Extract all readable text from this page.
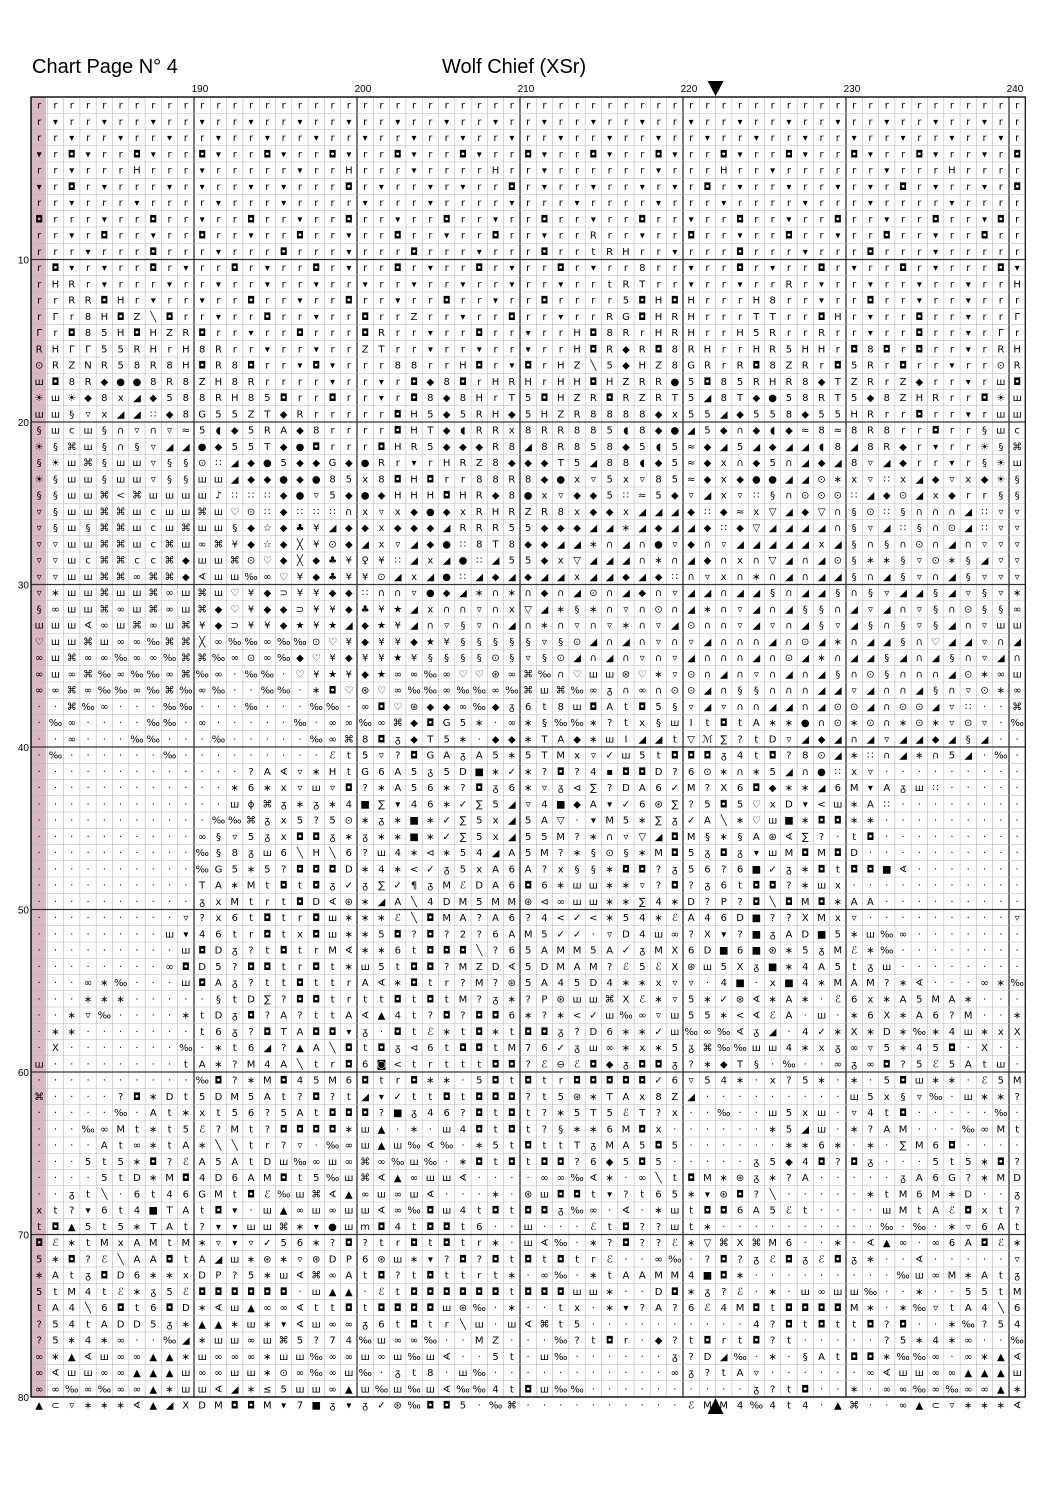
Chart Page N° 4	Wolf Chief (XSr)
r r r r r r r r r r r r r r r r r r r r r r r r r r r r r r r r r r r r r r r r r r r r r r r r r r r r r r r r r r r r r
r ▾ r r ▾ r r ▾ r r ▾ r r ▾ r r ▾ r r ▾ r r ▾ r r ▾ r r ▾ r r ▾ r r ▾ r r ▾ r r ▾ r r ▾ r r ▾ r r ▾ r r ▾ r r ▾ r r ▾ r r
r r ▾ r r ▾ r r ▾ r r ▾ r r ▾ r r ▾ r r ▾ r r ▾ r r ▾ r r ▾ r r ▾ r r ▾ r r ▾ r r ▾ r r ▾ r r ▾ r r ▾ r r ▾ r r ▾ r r ▾ r
▾ r ◘ ▾ r r ◘ ▾ r r ◘ ▾ r r ◘ ▾ r r ◘ ▾ r r ◘ ▾ r r ◘ ▾ r r ◘ ▾ r r ◘ ▾ r r ◘ ▾ r r ◘ ▾ r r ◘ ▾ r r ◘ ▾ r r ◘ ▾ r r ▾ r ◘
r r ▾ r r r H r r r ▾ r r r r r ▾ r r H r r r ▾ r r r r H r r ▾ r r r r r r ▾ r r r H r r ▾ r r r r r r ▾ r r r H r r r r
▾ r ◘ r ▾ r r r ▾ r ▾ r r ▾ r ▾ r r r ◘ r ▾ r r ▾ r ▾ r r ◘ r ▾ r r ▾ r r ▾ r ▾ r ◘ r ▾ r r ▾ r r ▾ r ▾ r ◘ r ▾ r r ▾ r ◘
r r ▾ r r r ▾ r r r r ▾ r r r ▾ r r r r ▾ r r r ▾ r r r r ▾ r r r ▾ r r r r ▾ r r r ▾ r r r r ▾ r r r ▾ r r r r ▾ r r r r
◘ r r r ▾ r r ◘ r r ▾ r r ◘ r r ▾ r r ◘ r r ▾ r r ◘ r r ▾ r r ◘ r r ▾ r r ◘ r r ▾ r r ◘ r r ▾ r r ◘ r r ▾ r r ◘ r r ▾ ◘ r
r r ▾ r ◘ r r ▾ r r ◘ r r ▾ r r ◘ r r ▾ r r ◘ r r ▾ r r ◘ r r ▾ r r R r r ▾ r r ◘ r r ▾ r r ◘ r r ▾ r r ◘ r r ▾ r r ◘ r r
r r r ▾ r r r ◘ r r r ▾ r r r ◘ r r r ▾ r r r ◘ r r r ▾ r r r ◘ r r t R H r r ▾ r r r ◘ r r r ▾ r r r ◘ r r r ▾ r r r r r
r ◘ ▾ r ▾ r r ◘ r ▾ r r ◘ r ▾ r r ◘ r ▾ r r ◘ r ▾ r r ◘ r ▾ r r ◘ r ▾ r r 8 r r ▾ r r ◘ r ▾ r r ◘ r ▾ r r ◘ r ▾ r r r ◘ ▾
r H R r ▾ r r r ▾ r r ▾ r r ▾ r r ▾ r r ▾ r r ▾ r r ▾ r r ▾ r r ▾ r r t R T r r ▾ r r ▾ r r R r ▾ r r ▾ r r ▾ r r ▾ r r H
r r R R ◘ H r ▾ r r ▾ r r ◘ r r ▾ r r ◘ r r ▾ r r ◘ r r ▾ r r ◘ r r r r 5 ◘ H ◘ H r r r H 8 r r ▾ r r ◘ r r ▾ r r ▾ r r r
r Γ r 8 H ◘ Z ╲ ◘ r r ▾ r r ◘ r r ▾ r r ◘ r r Z r r ▾ r r ◘ r r ▾ r r R G ◘ H R H r r r T T r r ◘ H r ▾ r r ◘ r r ▾ r r Γ
Γ r ◘ 8 5 H ◘ H Z R ◘ r r ▾ r r ◘ r r r ◘ R r r ▾ r r ◘ r r ▾ r r H ◘ 8 R r H R H r r H 5 R r r R r r ▾ r r ◘ r r ▾ r Γ r
R H Γ Γ 5 5 R H r H 8 R r r ▾ r r ▾ r r Z T r r ▾ r r ▾ r r ▾ r r H ◘ R ◆ R ◘ 8 R H r r H R 5 H H r ◘ 8 ◘ r ◘ r r ▾ r R H
⊙ R Z N R 5 8 R 8 H ◘ R 8 ◘ r r ▾ ◘ ▾ r r r 8 8 r r H ◘ r ▾ ◘ r H Z ╲ 5 ◆ H Z 8 G R r R ◘ 8 Z R r ◘ 5 R r ◘ r r ▾ r r ⊙ R
ш ◘ 8 R ◆ ● ● 8 R 8 Z H 8 R r r r r ▾ r r ▾ r ◘ ◆ 8 ◘ r H R H r H H ◘ H Z R R ● 5 ◘ 8 5 R H R 8 ◆ T Z R r Z ◆ r r ▾ r ш ◘
☀ ш ☀ ◆ 8 x ◢ ◆ 5 8 8 R H 8 5 ◘ r r ◘ r r ▾ r ◘ 8 ◆ 8 H r T 5 ◘ H Z R ◘ R Z R T 5 ◢ 8 T ◆ ● 5 8 R T 5 ◆ 8 Z H R r r ◘ ☀ ш
ш ш § ▿ x ◢ ◢ ∷ ◆ 8 G 5 5 Z T ◆ R r r r r r ◘ H 5 ◆ 5 R H ◆ 5 H Z R 8 8 8 8 ◆ x 5 5 ◢ ◆ 5 5 8 ◆ 5 5 H R r r ◘ r r ▾ r ш ш
§ ш с ш § ∩ ▿ ∩ ▿ ≈ 5 ◖ ◆ 5 R A ◆ 8 r r r r ◘ H T ◆ ◖ R R x 8 R R 8 8 5 ◖ 8 ◆ ● ◢ 5 ◆ ∩ ◆ ◖ ◆ ≈ 8 ≈ 8 R 8 r r ◘ r r § ш с
☀ § ⌘ ш § ∩ § ▿ ◢ ◢ ● ◆ 5 5 T ◆ ● ◘ r r r ◘ H R 5 ◆ ◆ ◆ R 8 ◢ 8 R 8 5 8 ◆ 5 ◖ 5 ≈ ◆ ◢ 5 ◢ ◆ ◢ ◢ ◖ 8 ◢ 8 R ◆ r ▾ r r ☀ § ⌘
§ ☀ ш ⌘ § ш ш ▿ § § ⊙ ∷ ◢ ◆ ● 5 ◆ ◆ G ◆ ● R r ▾ r H R Z 8 ◆ ◆ ◆ T 5 ◢ 8 8 ◖ ◆ 5 ≈ ◆ x ∩ ◆ 5 ∩ ◢ ◆ ◢ 8 ▿ ◢ ◆ r r ▾ r § ☀ ш
☀ § ш ш § ш ш ▿ § § ш ш ◢ ◆ ◆ ● ◆ ● 8 5 x 8 ◘ H ◘ r r 8 8 R 8 ◆ ● x ▿ 5 x ▿ 8 5 ≈ ◆ x ◆ ● ● ◢ ◢ ⊙ ∗ x ▿ ∷ x ◢ ◆ ▿ x ◆ ☀ §
§ § ш ш ⌘ < ⌘ ш ш ш ш ♪ ∷ ∷ ∷ ◆ ● ▿ 5 ◆ ● ◆ H H H ◘ H R ◆ 8 ● x ▿ ◆ ◆ 5 ∷ ≈ 5 ◆ ▿ ◢ x ▿ ∷ § ∩ ⊙ ⊙ ⊙ ∷ ◢ ◆ ⊙ ◢ x ◆ r r § §
▿ § ш ш ⌘ ⌘ ш с ш ш ⌘ ш ♡ ⊙ ∷ ◆ ∷ ∷ ∷ ∩ x ▿ x ◆ ● ◆ x R H R Z R 8 x ◆ ◆ x ◢ ◢ ◢ ◆ ∷ ◆ ≈ x ▽ ◢ ◆ ▽ ∩ § ⊙ ∷ § ∩ ∩ ∩ ◢ ∷ ▿ ▿
▿ § ш § ⌘ ⌘ ш с ш ⌘ ш ш § ◆ ☆ ◆ ♣ ¥ ◢ ◆ ◆ x ◆ ◆ ◆ ◢ R R R 5 5 ◆ ◆ ◆ ◢ ◢ ∗ ◢ ◆ ◢ ◢ ◆ ∷ ◆ ▽ ◢ ◢ ◢ ◢ ∩ § ▿ ◢ ∷ § ∩ ⊙ ◢ ∷ ▿ ▿
▿ ▿ ш ш ⌘ ⌘ ш с ⌘ ш ∞ ⌘ ¥ ◆ ☆ ◆ ╳ ¥ ⊙ ◆ ◢ x ▿ ◢ ◆ ● ∷ 8 T 8 ◆ ◆ ◢ ◢ ∗ ∩ ◢ ∩ ● ▿ ◆ ∩ ▿ ◢ ◢ ◢ ◢ ◢ x ◢ § ∩ § ∩ ⊙ ∩ ◢ ∩ ▿ ▿ ▿
▿ ▿ ш с ⌘ ⌘ с с ⌘ ◆ ш ш ⌘ ⊙ ♡ ◆ ╳ ◆ ♣ ¥ ♀ ¥ ∷ ◢ x ◢ ● ∷ ◢ 5 5 ◆ x ▽ ◢ ◢ ◢ ∩ ∗ ∩ ◢ ◆ ∩ x ∩ ▽ ◢ ∩ ◢ ⊙ § ∗ ∗ § ▿ ⊙ ∗ § ◢ ▿ ▿
▿ ▿ ш ш ⌘ ⌘ ∞ ⌘ ⌘ ◆ ∢ ш ш ‰ ∞ ♡ ¥ ◆ ♣ ¥ ¥ ⊙ ◢ x ◢ ● ∷ ◢ ◆ ◢ ◆ ◢ ◢ x ◢ ◢ ◆ ◢ ◆ ∷ ∩ ▿ x ∩ ∗ ∩ ◢ ∩ ◢ ◢ § ∩ ◢ § ▿ ∩ ◢ § ▿ ▿ ▿
▿ ∗ ш ш ⌘ ш ш ⌘ ∞ ш ⌘ ш ♡ ¥ ◆ ⊃ ¥ ¥ ◆ ◆ ∷ ∩ ∩ ▿ ● ◆ ◢ ∗ ∩ ∗ ∩ ◆ ∩ ◢ ⊙ ∩ ◢ ◆ ∩ ▿ ◢ ◢ ∩ ◢ ◢ § ∩ ◢ ◢ § ∩ § ▿ ◢ ◢ § ◢ ▿ § ▿ ∗
§ ∞ ш ш ⌘ ∞ ш ⌘ ∞ ш ⌘ ◆ ♡ ¥ ◆ ◆ ⊃ ¥ ¥ ◆ ♣ ¥ ★ ◢ x ∩ ∩ ▿ ∩ x ▽ ◢ ∗ § ∗ ∩ ▿ ∩ ⊙ ∩ ◢ ∗ ∩ ▿ ◢ ∩ ◢ § § ∩ ◢ ▿ ◢ ∩ ▿ § ∩ ⊙ § § ∞
ш ш ш ∢ ∞ ш ⌘ ∞ ш ⌘ ¥ ◆ ⊃ ¥ ¥ ◆ ★ ¥ ★ ◢ ◆ ★ ¥ ◢ ∩ ▿ § ▿ ∩ ◢ ∩ ∗ ∩ ▿ ∩ ▿ ∗ ∩ ▿ ◢ ⊙ ∩ ∩ ▿ ◢ ▿ ∩ ◢ § ▿ ◢ § ∩ § ▿ § ◢ ∩ ▿ ш ш
♡ ш ш ⌘ ш ∞ ∞ ‰ ⌘ ⌘ ╳ ∞ ‰ ‰ ∞ ‰ ‰ ⊙ ♡ ¥ ◆ ¥ ¥ ◆ ★ ¥ § § § § § ▿ § ⊙ ◢ ∩ ◢ ∩ ▿ ∩ ▿ ◢ ∩ ∩ ∩ ◢ ∩ ⊙ ◢ ∗ ∩ ◢ ◢ § ∩ ♡ ◢ ◢ ▿ ∩ ◢
∞ ш ⌘ ∞ ∞ ‰ ∞ ∞ ‰ ⌘ ⌘ ‰ ∞ ⊙ ∞ ‰ ◆ ♡ ¥ ◆ ¥ ¥ ★ ¥ § § § § ⊙ § ▿ § ⊙ ◢ ∩ ◢ ∩ ▿ ∩ ▿ ◢ ∩ ∩ ∩ ◢ ∩ ⊙ ◢ ∗ ∩ ◢ ◢ § ◢ ∩ ◢ § ∩ ▿ ◢ ∩
∞ ш ∞ ⌘ ‰ ∞ ‰ ‰ ∞ ⌘ ‰ ∞ · ‰ ‰ · ♡ ¥ ★ ¥ ◆ ★ ∞ ∞ ‰ ∞ ♡ ♡ ⊛ ∞ ⌘ ‰ ∩ ♡ ш ш ⊛ ♡ ∗ ▿ ⊙ ∩ ◢ ∩ ▿ ∩ ◢ ∩ ◢ § ∩ ⊙ § ∩ ∩ ∩ ◢ ⊙ ∗ ∞ ш
∞ ∞ ⌘ ∞ ‰ ‰ ∞ ‰ ⌘ ‰ ∞ ‰ · · ‰ ‰ · ∗ ◘ ♡ ⊛ ♡ ∞ ‰ ‰ ∞ ‰ ‰ ∞ ‰ ⌘ ш ⌘ ‰ ∞ ᵹ ∩ ∞ ∩ ⊙ ⊙ ◢ ∩ § § ∩ ∩ ∩ ◢ ◢ ▿ ◢ ∩ ∩ ◢ § ∩ ▿ ⊙ ∗ ∞
· · ⌘ ‰ ∞ · · · ‰ ‰ · · · ‰ · · · ‰ ‰ · ∞ ◘ ♡ ⊛ ◆ ◆ ∞ ‰ ◆ ᵹ 6 t 8 ш ◘ A t ◘ 5 § ▿ ◢ ▿ ∩ ∩ ◢ ◢ ∩ ◢ ⊙ ⊙ ◢ ∩ ⊙ ⊙ ◢ ▿ ∷ · · ⌘
· ‰ ∞ · · · · ‰ ‰ · ∞ · · · · · ‰ · ∞ ∞ ‰ ∞ ⌘ ◆ ◘ G 5 ∗ · ∞ ∗ § ‰ ‰ ∗ ? t x § ш Ⅰ t ◘ t A ∗ ∗ ● ∩ ⊙ ∗ ⊙ ∩ ∗ ⊙ ∗ ▿ ⊙ ▿ · ‰
· · ∞ · · · ‰ ‰ · · · ‰ · · · · · ‰ ∞ ⌘ 8 ◘ ᵹ ◆ T 5 ∗ · ◆ ◆ ∗ T A ◆ ∗ ш Ⅰ ◢ ◢ t ▽ ℳ ∑ ? t D ▿ ◢ ◆ ◢ ∩ ◢ ▿ ◢ ◢ ◆ ◢ § ◢ · ·
· ‰ · · · · · · ‰ · · · · · · · · · ℰ t 5 ▿ ? ◘ G A ᵹ A 5 ∗ 5 T M x ▿ ✓ ш 5 t ◘ ◘ ◘ ᵹ 4 t ◘ ? 8 ⊙ ◢ ∗ ∷ ∩ ◢ ∗ ∩ 5 ◢ · ‰ ·
· · · · · · · · · · · · · ? A ∢ ▿ ∗ H t G 6 A 5 ᵹ 5 D ■ ∗ ✓ ∗ ? ◘ ? 4 ▪ ◘ ◘ D ? 6 ⊙ ∗ ∩ ∗ 5 ◢ ∩ ● ∷ x ▿ · · · · · · · · ·
· · · · · · · · · · · · ∗ 6 ∗ x ▿ ш ▿ ◘ ? ∗ A 5 6 ∗ ? ◘ ᵹ 6 ∗ ▿ ᵹ ⊲ ∑ ? D A 6 ✓ M ? X 6 ◘ ◆ ∗ ∗ ◢ 6 M ▾ A ᵹ ш ∷ · · · · ·
· · · · · · · · · · · · ш ϕ ⌘ ᵹ ∗ ᵹ ∗ 4 ■ ∑ ▾ 4 6 ∗ ✓ ∑ 5 ◢ ▿ 4 ■ ◆ A ▾ ✓ 6 ⊛ ∑ ? 5 ◘ 5 ♡ x D ▾ < ш ∗ A ∷ · · · · · · · ·
· · · · · · · · · · · ‰ ‰ ⌘ ᵹ x 5 ? 5 ⊙ ∗ ᵹ ∗ ■ ∗ ✓ ∑ 5 x ◢ 5 A ▽ · ▾ M 5 ∗ ∑ ᵹ ✓ A ╲ ∗ ♡ ш ■ ∗ ◘ ◘ ∗ ∗ · · · · · · · · ·
· · · · · · · · · · ∞ § ▿ 5 ᵹ x ◘ ◘ ᵹ ∗ ᵹ ∗ ∗ ■ ∗ ✓ ∑ 5 x ◢ 5 5 M ? ∗ ∩ ▿ ▽ ◢ ◘ M § ∗ § A ⊛ ∢ ∑ ? · t ◘ · · · · · · · · ·
· · · · · · · · · · ‰ § 8 ᵹ ш 6 ╲ H ╲ 6 ? ш 4 ∗ ⊲ ∗ 5 4 ◢ A 5 M ? ∗ § ⊙ § ∗ M ◘ 5 ᵹ ◘ ᵹ ▾ ш M ◘ M ◘ D · · · · · · · · · ·
· · · · · · · · · · ‰ G 5 ∗ 5 ? ◘ ◘ ◘ D ∗ 4 ∗ < ✓ ᵹ 5 x A 6 A ? x § § ∗ ◘ ◘ ? ᵹ 5 6 ? 6 ■ ✓ ᵹ ∗ ◘ t ◘ ◘ ■ ∢ · · · · · · ·
· · · · · · · · · · T A ∗ M t ◘ t ◘ ᵹ ✓ ᵹ ∑ ✓ ¶ ᵹ M ℰ D A 6 ◘ 6 ∗ ш ш ∗ ∗ ▿ ? ◘ ? ᵹ 6 t ◘ ◘ ? ∗ ш x · · · · · · · · · · ·
· · · · · · · · · · ᵹ x M t r t ◘ D ∢ ⊛ ∗ ◢ A ╲ 4 D M 5 M M ⊛ ⊲ ∞ ш ш ∗ ∗ ∑ 4 ∗ D ? P ? ◘ ╲ ◘ M ◘ ∗ A A · · · · · · · · ·
· · · · · · · · · ▿ ? x 6 t ◘ t r ◘ ш ∗ ∗ ∗ ℰ ╲ ◘ M A ? A 6 ? 4 < ✓ < ∗ 5 4 ∗ ℰ A 4 6 D ■ ? ? Ⅹ M x ▿ · · · · · · · · · ▿
· · · · · · · · ш ▾ 4 6 t r ◘ t x ◘ ш ∗ ∗ 5 ◘ ? ◘ ? 2 ? 6 A M 5 ✓ ✓ · ▿ D 4 ш ∞ ? X ▾ ? ■ ᵹ A D ■ 5 ∗ ш ‰ ∞ · · · · · · ·
· · · · · · · · · ш ◘ D ᵹ ? t ◘ t r M ∢ ∗ ∗ 6 t ◘ ◘ ◘ ╲ ? 6 5 A M M 5 A ✓ ᵹ M X 6 D ■ 6 ■ ⊛ ∗ 5 ᵹ M ℰ ∗ ‰ · · · · · · · ·
· · · · · · · · ∞ ◘ D 5 ? ◘ ◘ t r ◘ t ∗ ш 5 t ◘ ◘ ? M Z D ∢ 5 D M A M ? ℰ 5 ℰ Ⅹ ⊛ ш 5 X ᵹ ■ ∗ 4 A 5 t ᵹ ш · · · · · · · ·
· · · ∞ ∗ ‰ · · · ш ◘ A ᵹ ? t t ◘ t t r A ∢ ∗ ◘ t r ? M ? ⊛ 5 A 4 5 D 4 ∗ ∗ x ▿ ▿ · 4 ■ · x ■ 4 ∗ M A M ? ∗ ∢ · · · ∞ ∗ ‰
· · · ∗ ∗ ∗ · · · · · § t D ∑ ? ◘ ◘ t r t t ◘ t ◘ t M ? ᵹ ∗ ? P ⊛ ш ш ⌘ X ℰ ∗ ▿ 5 ∗ ✓ ⊛ ∢ ∗ A ∗ · ℰ 6 x ∗ A 5 M A ∗ · · ·
· · ∗ ▿ ‰ · · · · ∗ t D ᵹ ◘ ? A ? t t A ∢ ▲ 4 t ? ◘ ? ◘ ◘ 6 ∗ ? ∗ < ✓ ш ‰ ∞ ▿ ш 5 5 ∗ < ∢ ℰ A · ш · ∗ 6 Ⅹ ∗ A 6 ? M · · ∗
· ∗ ∗ · · · · · · · t 6 ᵹ ? ◘ T A ◘ ◘ ▾ ᵹ · ◘ t ℰ ∗ t ◘ ∗ t ◘ ◘ ᵹ ? D 6 ∗ ∗ ✓ ш ‰ ∞ ‰ ∢ ᵹ ◢ · 4 ✓ ∗ Ⅹ ∗ D ∗ ‰ ∗ 4 ш ∗ x Ⅹ
· Ⅹ · · · · · · · ‰ · ∗ t 6 ◢ ? ▲ A ╲ ◘ t ◘ ᵹ ⊲ 6 t ◘ ◘ t M 7 6 ✓ ᵹ ш ∞ ∗ x ∗ 5 ᵹ ⌘ ‰ ‰ ш ш 4 ∗ x ᵹ ∞ ▿ 5 ∗ 4 5 ◘ · Ⅹ · ·
ш · · · · · · · · t A ∗ ? M 4 A ╲ t r ◘ 6 ◙ < t r t t t ◘ ◘ ? ℰ ⊖ ℰ ◘ ◆ ᵹ ◘ ◘ ᵹ ? ∗ ◆ T § · ‰ · · ∞ ᵹ ∞ ◘ ? 5 ℰ 5 A t ш ·
· · · · · · · · · · ‰ ◘ ? ∗ M ◘ 4 5 M 6 ◘ t r ◘ ∗ ∗ · 5 ◘ t ◘ t r ◘ ◘ ◘ ◘ ◘ ✓ 6 ▿ 5 4 ∗ · x ? 5 ∗ · ∗ · 5 ◘ ш ∗ ∗ · ℰ 5 M
⌘ · · · · ? ◘ ∗ D t 5 D M 5 A t ? ◘ ? t ◢ ▾ ✓ t t ◘ t ◘ ◘ ◘ ? t 5 ⊛ ∗ T A x 8 Z ◢ · · · · · · · · · ш 5 x § ▿ ‰ · ш ∗ ∗ ?
· · · · · ‰ · A t ∗ x t 5 6 ? 5 A t ◘ ◘ ◘ ? ■ ᵹ 4 6 ? ◘ t ◘ t ? ∗ 5 T 5 ℰ T ? x · · ‰ · · ш 5 x ш · ▿ 4 t ◘ · · · · · ‰ ·
· · · ‰ ∞ M t ∗ t 5 ℰ ? M t ? ◘ ◘ ◘ ◘ ∗ ш ▲ · ∗ · ш 4 ◘ t ◘ t ? § ∗ ∗ 6 M ◘ x · · · · · · ∗ 5 ◢ ш · ∗ ? A M · · · ‰ ∞ M t
· · · · A t ∞ ∗ t A ∗ ╲ ╲ t r ? ▿ · ‰ ∞ ш ▲ ш ‰ ∢ ‰ · ∗ 5 t ◘ t t T ᵹ M A 5 ◘ 5 · · · · · · ∗ ∗ 6 ∗ · ∗ · ∑ M 6 ◘ · · · ·
· · · 5 t 5 ∗ ◘ ? ℰ A 5 A t D ш ‰ ∞ ш ∞ ⌘ ∞ ‰ ш ‰ · ∗ ◘ t ◘ t ◘ ◘ ? 6 ◆ 5 ◘ 5 · · · · · ᵹ 5 ◆ 4 ◘ ? ◘ ᵹ · · · 5 t 5 ∗ ◘ ?
· · · · 5 t D ∗ M ◘ 4 D 6 A M ◘ t 5 ‰ ш ⌘ ∢ ▲ ∞ ш ш ∢ · · · · ∞ ∞ ‰ ∢ ∗ · ∞ ╲ t ◘ M ∗ ⊛ ᵹ ∗ ? A · · · · · ᵹ A 6 G ? ∗ M D
· · ᵹ t ╲ · 6 t 4 6 G M t ◘ ℰ ‰ ш ⌘ ∢ ▲ ∞ ш ∞ ш ∢ · · · ∗ · ⊛ ш ◘ ◘ t ▾ ? t 6 5 ∗ ▾ ⊛ ◘ ? ╲ · · · · · ∗ t M 6 M ∗ D · · ᵹ
x t ? ▾ 6 t 4 ■ T A t ◘ ▾ · ш ▲ ∞ ш ∞ ш ш ∢ ∞ ‰ ◘ ш 4 t ◘ t ◘ ◘ ᵹ ‰ ∞ · ∢ · ∗ ш t ◘ ◘ 6 A 5 ℰ t · · · · ш M t A ℰ ◘ x t ?
t ◘ ▲ 5 t 5 ∗ T A t ? ▾ ▾ ш ш ⌘ ∗ ▾ ● ш m ◘ 4 t ◘ ◘ t 6 · · ш · · · ℰ t ◘ ? ? ш t ∗ · · · · · · · · · · ‰ · ‰ · ∗ ▿ 6 A t
◘ ℰ ∗ t M x A M t M ∗ ▿ ▾ ▿ ✓ 5 6 ∗ ? ◘ ? t r ◘ t ◘ t r ∗ · ш ∢ ‰ · ∗ ? ◘ ? ? ℰ ∗ ▽ ⌘ Ⅹ ⌘ M 6 · · ∗ · ∢ ▲ ∞ · ∞ 6 A ◘ ℰ ∗
5 ∗ ◘ ? ℰ ╲ A A ◘ t A ◢ ш ∗ ⊛ ∗ ▿ ⊛ D P 6 ⊛ ш ∗ ▾ ? ◘ ? ◘ t ◘ t ◘ t r ℰ · · ∞ ‰ · ? ◘ ? ᵹ ℰ ◘ ᵹ ℰ ◘ ᵹ ∗ · · ∢ · · · · · ▿
∗ A t ᵹ ◘ D 6 ∗ ∗ x D P ? 5 ∗ ш ∢ ⌘ ∞ A t ◘ ? t ◘ t t r t ∗ · ∞ ‰ · ∗ t A A M M 4 ■ ◘ ∗ · · · · · · · · · ‰ ш ∞ M ∗ A t ᵹ
5 t M 4 t ℰ ∗ ᵹ 5 ℰ ◘ ◘ ◘ ◘ ◘ ◘ · ш ▲ ▲ · ℰ t ◘ ◘ ◘ ◘ ◘ ◘ t ◘ ◘ ◘ ш ш ∗ · · D ◘ ∗ ᵹ ? ℰ · ∗ · ш ∞ ш ш ‰ · · ∗ · · 5 5 t M
t A 4 ╲ 6 ◘ t 6 ◘ D ∗ ∢ ш ▲ ∞ ∞ ∢ t t ◘ t ◘ ◘ ◘ ◘ ш ⊛ ‰ · ∗ · · t x · ∗ ▾ ? A ? 6 ℰ 4 M ◘ t ◘ ◘ ◘ ◘ M ∗ · ∗ ‰ ▿ t A 4 ╲ 6
? 5 4 t A D D 5 ᵹ ∗ ▲ ▲ ∗ ш ∗ ▾ ∢ ш ∞ ∞ ᵹ 6 t ◘ t r ╲ ш · ш ∢ ⌘ t 5 · · · · · · · · · · 4 ? ◘ t ◘ t t ◘ ? ◘ · · ∗ ‰ ? 5 4
? 5 ∗ 4 ∗ ∞ · · ‰ ◢ ∗ ш ш ∞ ш ⌘ 5 ? 7 4 ‰ ш ∞ ∞ ‰ · · M Z · · · ‰ ? t ◘ r · ◆ ? t ◘ r t ◘ ? t · · · · · ? 5 ∗ 4 ∗ ∞ · · ‰
∞ ∗ ▲ ∢ ш ∞ ∞ ▲ ▲ ∗ ш ∞ ∞ ∞ ∗ ш ш ‰ ∞ ∞ ш ∞ ш ‰ ш ∢ · · 5 t · ш ‰ · · · · · · ᵹ ? D ◢ ‰ · ∗ · § A t ◘ ◘ ∗ ‰ ‰ ∞ · ∞ ∗ ▲ ∢
∞ ∢ ш ш ∞ ∞ ▲ ▲ ▲ ш ∞ ∞ ш ш ∗ ⊙ ∞ ‰ ∞ ш ‰ · ᵹ t 8 · ш ‰ · · · · · · · · · · · ∞ ᵹ ? t A ▿ · · · · · · ∞ ∢ ш ш ∞ ∞ ▲ ▲ ▲ ш
∞ ∞ ‰ ∞ ‰ ∞ ∞ ▲ ∗ ш ш ∢ ◢ ∗ ≤ 5 ш ш ∞ ▲ ш ‰ ш ‰ ш ∢ ‰ ‰ 4 t ◘ ш ‰ ‰ · · · · · · · · · · ᵹ ? t ◘ · · ∗ · ∞ ∞ ‰ ∞ ‰ ∞ ∞ ▲ ∗
▲ ⊂ ▿ ∗ ∗ ∗ ∢ ▲ ◢ Ⅹ D M ◘ ◘ M ▾ 7 ■ ᵹ ▾ ᵹ ✓ ⊛ ‰ ◘ ◘ 5 · ‰ ⌘ · · · · · · · · · · ℰ M M 4 ‰ 4 t 4 · ▲ ⌘ · · ∞ ▲ ⊂ ▿ ∗ ∗ ∗ ∢
190	200	210	220	230	240
10
20
30
40
50
60
70
80
